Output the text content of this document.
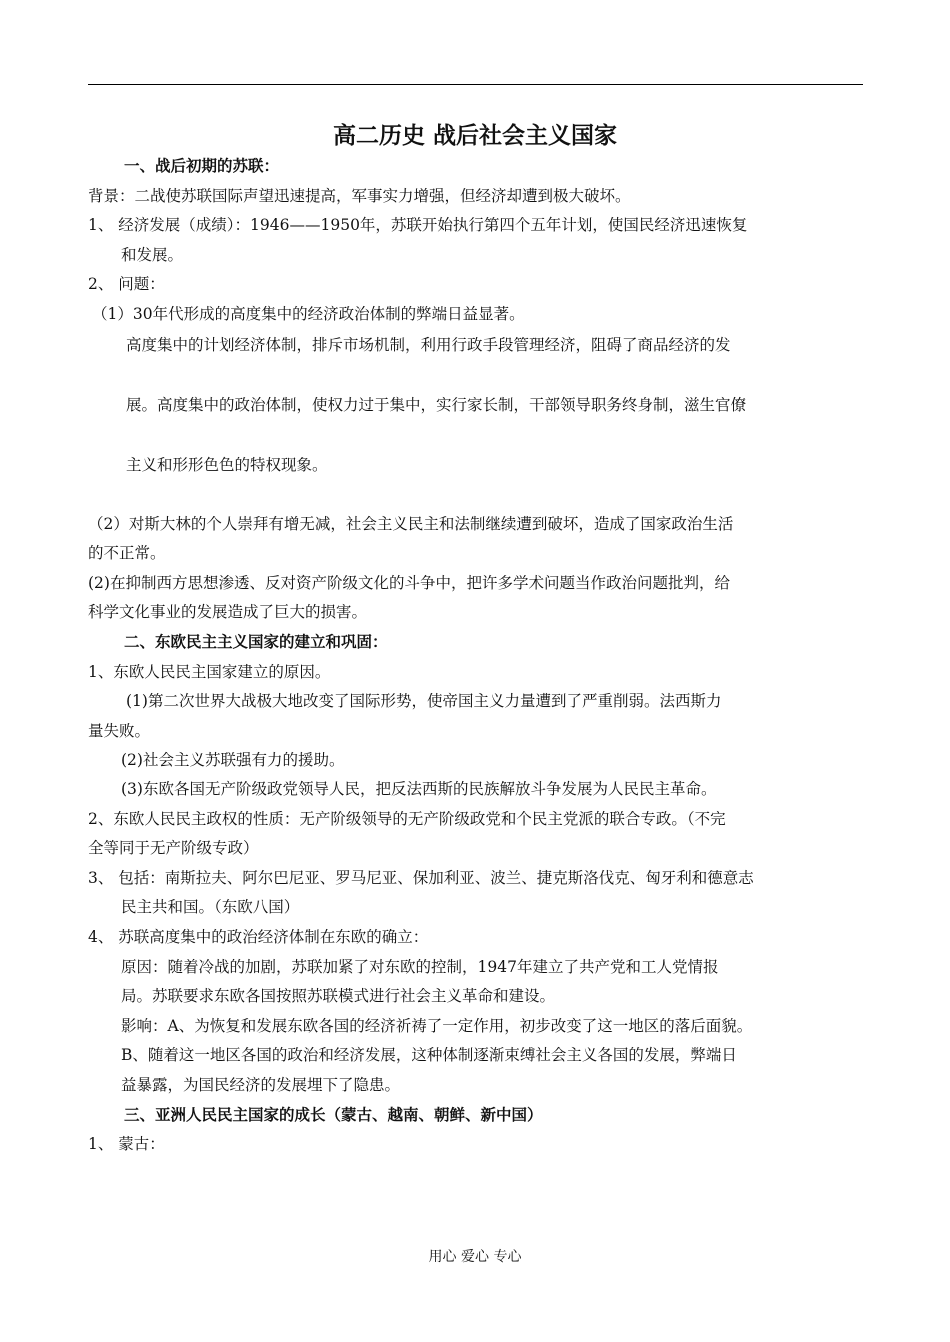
高二历史 战后社会主义国家

一、战后初期的苏联：

背景：二战使苏联国际声望迅速提高，军事实力增强，但经济却遭到极大破坏。

1、 经济发展（成绩）：1946——1950年，苏联开始执行第四个五年计划，使国民经济迅速恢复

和发展。

2、 问题：

（1）30年代形成的高度集中的经济政治体制的弊端日益显著。

高度集中的计划经济体制，排斥市场机制，利用行政手段管理经济，阻碍了商品经济的发

展。高度集中的政治体制，使权力过于集中，实行家长制，干部领导职务终身制，滋生官僚

主义和形形色色的特权现象。

（2）对斯大林的个人崇拜有增无减，社会主义民主和法制继续遭到破坏，造成了国家政治生活

的不正常。

(2)在抑制西方思想渗透、反对资产阶级文化的斗争中，把许多学术问题当作政治问题批判，给

科学文化事业的发展造成了巨大的损害。

二、东欧民主主义国家的建立和巩固：

1、东欧人民民主国家建立的原因。

(1)第二次世界大战极大地改变了国际形势，使帝国主义力量遭到了严重削弱。法西斯力

量失败。

(2)社会主义苏联强有力的援助。

(3)东欧各国无产阶级政党领导人民，把反法西斯的民族解放斗争发展为人民民主革命。

2、东欧人民民主政权的性质：无产阶级领导的无产阶级政党和个民主党派的联合专政。（不完

全等同于无产阶级专政）

3、 包括：南斯拉夫、阿尔巴尼亚、罗马尼亚、保加利亚、波兰、捷克斯洛伐克、匈牙利和德意志

民主共和国。（东欧八国）

4、 苏联高度集中的政治经济体制在东欧的确立：

原因：随着冷战的加剧，苏联加紧了对东欧的控制，1947年建立了共产党和工人党情报

局。苏联要求东欧各国按照苏联模式进行社会主义革命和建设。

影响：A、为恢复和发展东欧各国的经济祈祷了一定作用，初步改变了这一地区的落后面貌。

B、随着这一地区各国的政治和经济发展，这种体制逐渐束缚社会主义各国的发展，弊端日

益暴露，为国民经济的发展埋下了隐患。

三、亚洲人民民主国家的成长（蒙古、越南、朝鲜、新中国）

1、 蒙古：

用心 爱心 专心
